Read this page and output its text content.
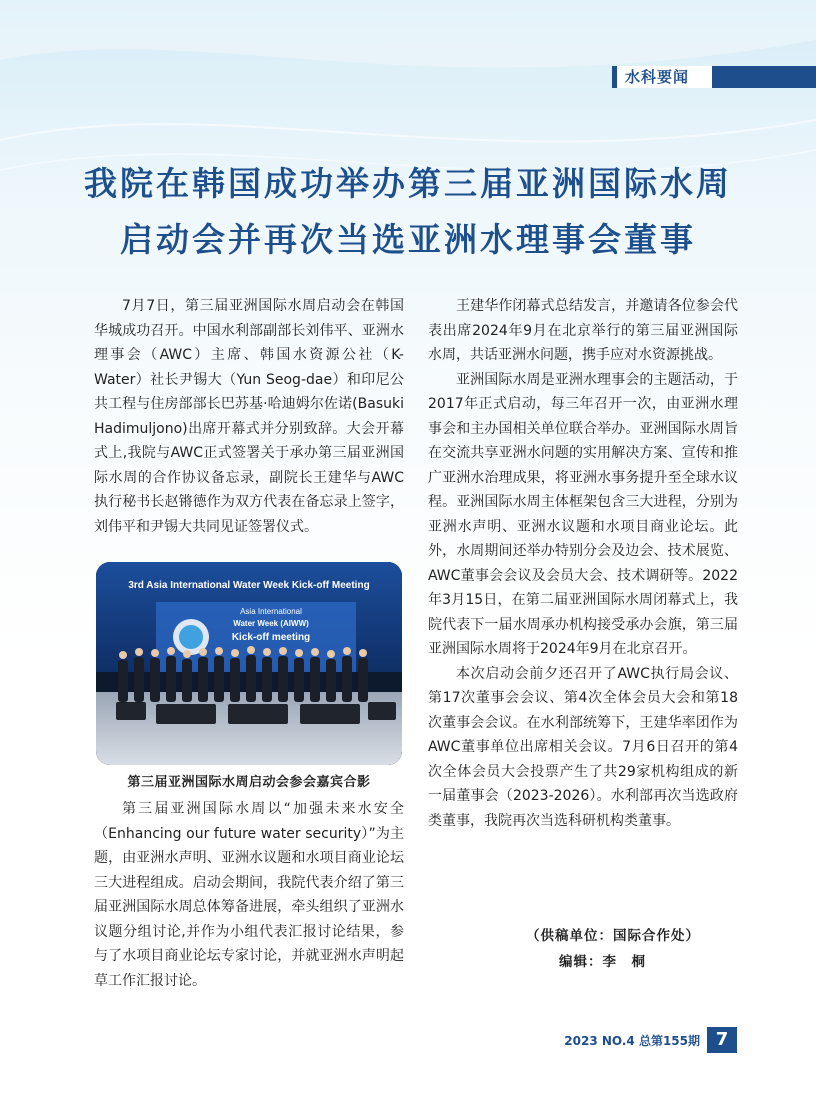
水科要闻
我院在韩国成功举办第三届亚洲国际水周
启动会并再次当选亚洲水理事会董事

7月7日，第三届亚洲国际水周启动会在韩国华城成功召开。中国水利部副部长刘伟平、亚洲水理事会（AWC）主席、韩国水资源公社（K-Water）社长尹锡大（Yun Seog-dae）和印尼公共工程与住房部部长巴苏基·哈迪姆尔佐诺(Basuki Hadimuljono)出席开幕式并分别致辞。大会开幕式上,我院与AWC正式签署关于承办第三届亚洲国际水周的合作协议备忘录，副院长王建华与AWC执行秘书长赵锵德作为双方代表在备忘录上签字，刘伟平和尹锡大共同见证签署仪式。

3rd Asia International Water Week Kick-off Meeting
Asia International
Water Week (AIWW)
Kick-off meeting
第三届亚洲国际水周启动会参会嘉宾合影

第三届亚洲国际水周以“加强未来水安全（Enhancing our future water security）”为主题，由亚洲水声明、亚洲水议题和水项目商业论坛三大进程组成。启动会期间，我院代表介绍了第三届亚洲国际水周总体筹备进展，牵头组织了亚洲水议题分组讨论,并作为小组代表汇报讨论结果，参与了水项目商业论坛专家讨论，并就亚洲水声明起草工作汇报讨论。

王建华作闭幕式总结发言，并邀请各位参会代表出席2024年9月在北京举行的第三届亚洲国际水周，共话亚洲水问题，携手应对水资源挑战。

亚洲国际水周是亚洲水理事会的主题活动，于2017年正式启动，每三年召开一次，由亚洲水理事会和主办国相关单位联合举办。亚洲国际水周旨在交流共享亚洲水问题的实用解决方案、宣传和推广亚洲水治理成果，将亚洲水事务提升至全球水议程。亚洲国际水周主体框架包含三大进程，分别为亚洲水声明、亚洲水议题和水项目商业论坛。此外，水周期间还举办特别分会及边会、技术展览、AWC董事会会议及会员大会、技术调研等。2022年3月15日，在第二届亚洲国际水周闭幕式上，我院代表下一届水周承办机构接受承办会旗，第三届亚洲国际水周将于2024年9月在北京召开。

本次启动会前夕还召开了AWC执行局会议、第17次董事会会议、第4次全体会员大会和第18次董事会会议。在水利部统筹下，王建华率团作为AWC董事单位出席相关会议。7月6日召开的第4次全体会员大会投票产生了共29家机构组成的新一届董事会（2023-2026）。水利部再次当选政府类董事，我院再次当选科研机构类董事。

（供稿单位：国际合作处）
编辑：李　桐
2023 NO.4 总第155期 7
